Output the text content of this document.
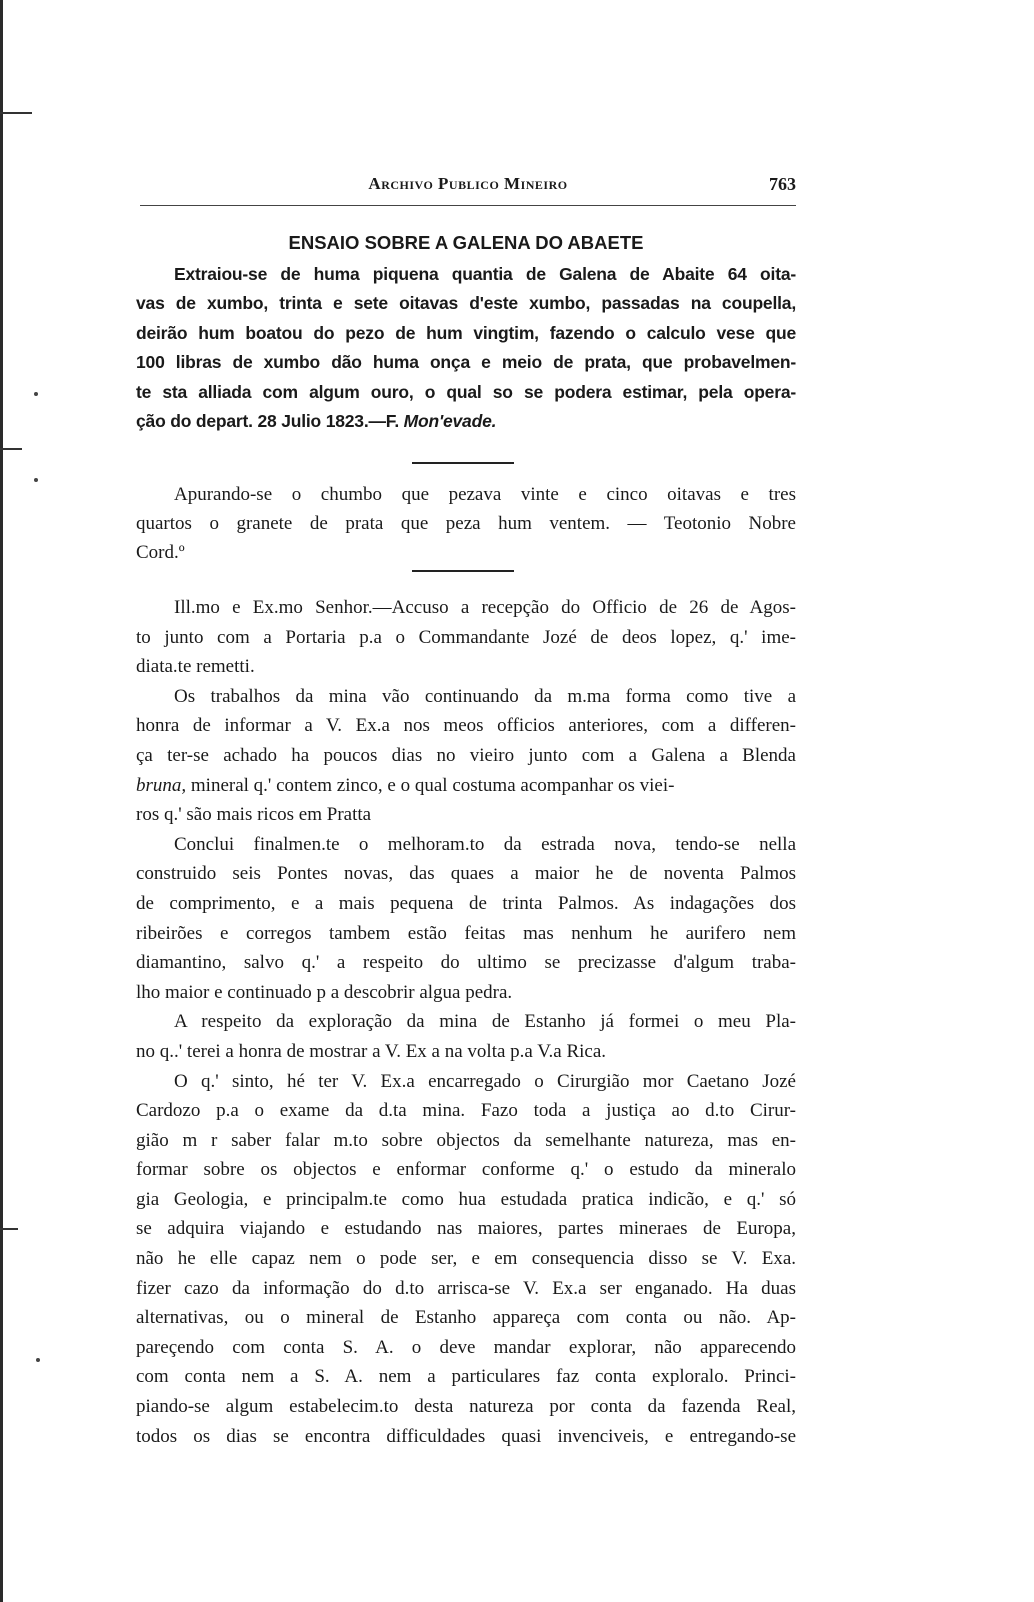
Archivo Publico Mineiro	763
ENSAIO SOBRE A GALENA DO ABAETE
Extraiou-se de huma piquena quantia de Galena de Abaite 64 oita-
vas de xumbo, trinta e sete oitavas d'este xumbo, passadas na coupella,
deirão hum boatou do pezo de hum vingtim, fazendo o calculo vese que
100 libras de xumbo dão huma onça e meio de prata, que probavelmen-
te sta alliada com algum ouro, o qual so se podera estimar, pela opera-
ção do depart. 28 Julio 1823.—F. Mon'evade.
Apurando-se o chumbo que pezava vinte e cinco oitavas e tres
quartos o granete de prata que peza hum ventem. — Teotonio Nobre
Cord.º
Ill.mo e Ex.mo Senhor.—Accuso a recepção do Officio de 26 de Agos-
to junto com a Portaria p.a o Commandante Jozé de deos lopez, q.' ime-
diata.te remetti.
Os trabalhos da mina vão continuando da m.ma forma como tive a
honra de informar a V. Ex.a nos meos officios anteriores, com a differen-
ça ter-se achado ha poucos dias no vieiro junto com a Galena a Blenda
bruna, mineral q.' contem zinco, e o qual costuma acompanhar os viei-
ros q.' são mais ricos em Pratta
Conclui finalmen.te o melhoram.to da estrada nova, tendo-se nella
construido seis Pontes novas, das quaes a maior he de noventa Palmos
de comprimento, e a mais pequena de trinta Palmos. As indagações dos
ribeirões e corregos tambem estão feitas mas nenhum he aurifero nem
diamantino, salvo q.' a respeito do ultimo se precizasse d'algum traba-
lho maior e continuado p a descobrir algua pedra.
A respeito da exploração da mina de Estanho já formei o meu Pla-
no q..' terei a honra de mostrar a V. Ex a na volta p.a V.a Rica.
O q.' sinto, hé ter V. Ex.a encarregado o Cirurgião mor Caetano Jozé
Cardozo p.a o exame da d.ta mina. Fazo toda a justiça ao d.to Cirur-
gião m r saber falar m.to sobre objectos da semelhante natureza, mas en-
formar sobre os objectos e enformar conforme q.' o estudo da mineralo
gia Geologia, e principalm.te como hua estudada pratica indicão, e q.' só
se adquira viajando e estudando nas maiores, partes mineraes de Europa,
não he elle capaz nem o pode ser, e em consequencia disso se V. Exa.
fizer cazo da informação do d.to arrisca-se V. Ex.a ser enganado. Ha duas
alternativas, ou o mineral de Estanho appareça com conta ou não. Ap-
pareçendo com conta S. A. o deve mandar explorar, não apparecendo
com conta nem a S. A. nem a particulares faz conta exploralo. Princi-
piando-se algum estabelecim.to desta natureza por conta da fazenda Real,
todos os dias se encontra difficuldades quasi invenciveis, e entregando-se
